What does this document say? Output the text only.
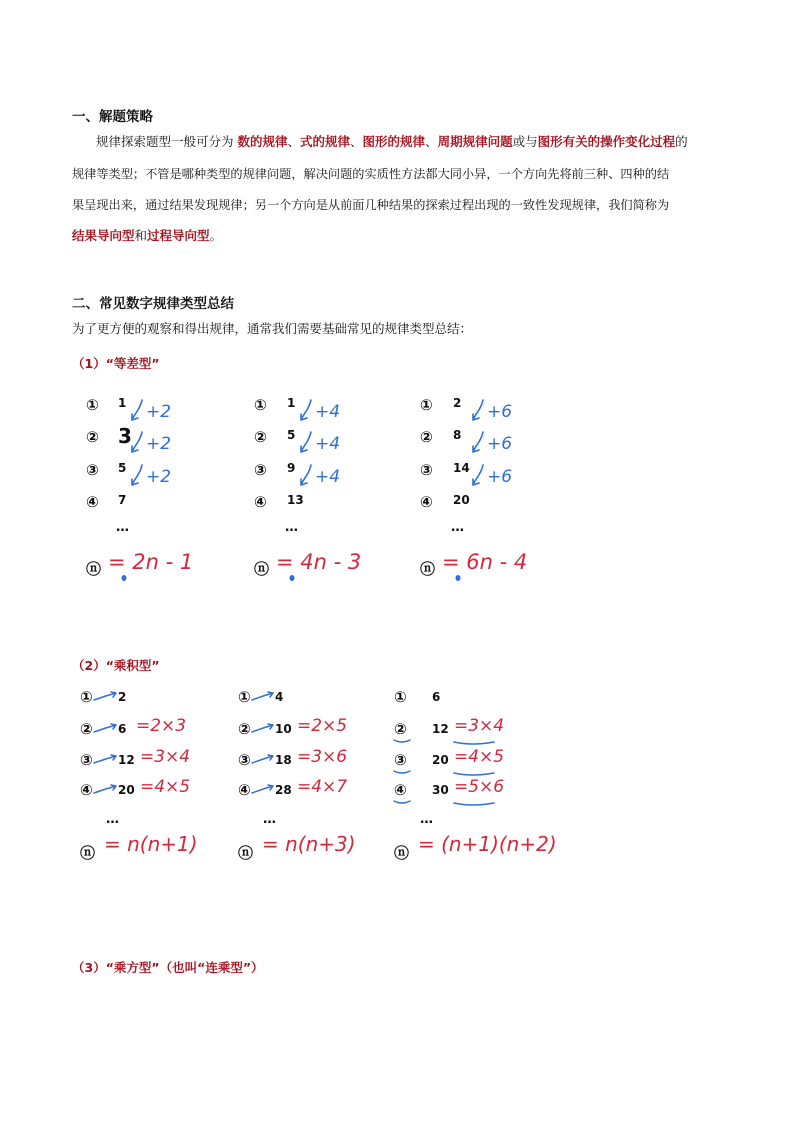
一、解题策略
规律探索题型一般可分为 数的规律、式的规律、图形的规律、周期规律问题或与图形有关的操作变化过程的
规律等类型；不管是哪种类型的规律问题，解决问题的实质性方法都大同小异，一个方向先将前三种、四种的结
果呈现出来，通过结果发现规律；另一个方向是从前面几种结果的探索过程出现的一致性发现规律，我们简称为
结果导向型和过程导向型。
二、常见数字规律类型总结
为了更方便的观察和得出规律，通常我们需要基础常见的规律类型总结：
（1）“等差型”
① 1
② 3
③ 5
④ 7
…
ⓝ = 2n - 1
+2
+2
+2
① 1
② 5
③ 9
④ 13
…
ⓝ = 4n - 3
+4
+4
+4
① 2
② 8
③ 14
④ 20
…
ⓝ = 6n - 4
+6
+6
+6
（2）“乘积型”
① 2
② 6 =2×3
③ 12 =3×4
④ 20 =4×5
…
ⓝ = n(n+1)
① 4
② 10 =2×5
③ 18 =3×6
④ 28 =4×7
…
ⓝ = n(n+3)
① 6
② 12 =3×4
③ 20 =4×5
④ 30 =5×6
…
ⓝ = (n+1)(n+2)
（3）“乘方型”（也叫“连乘型”）
